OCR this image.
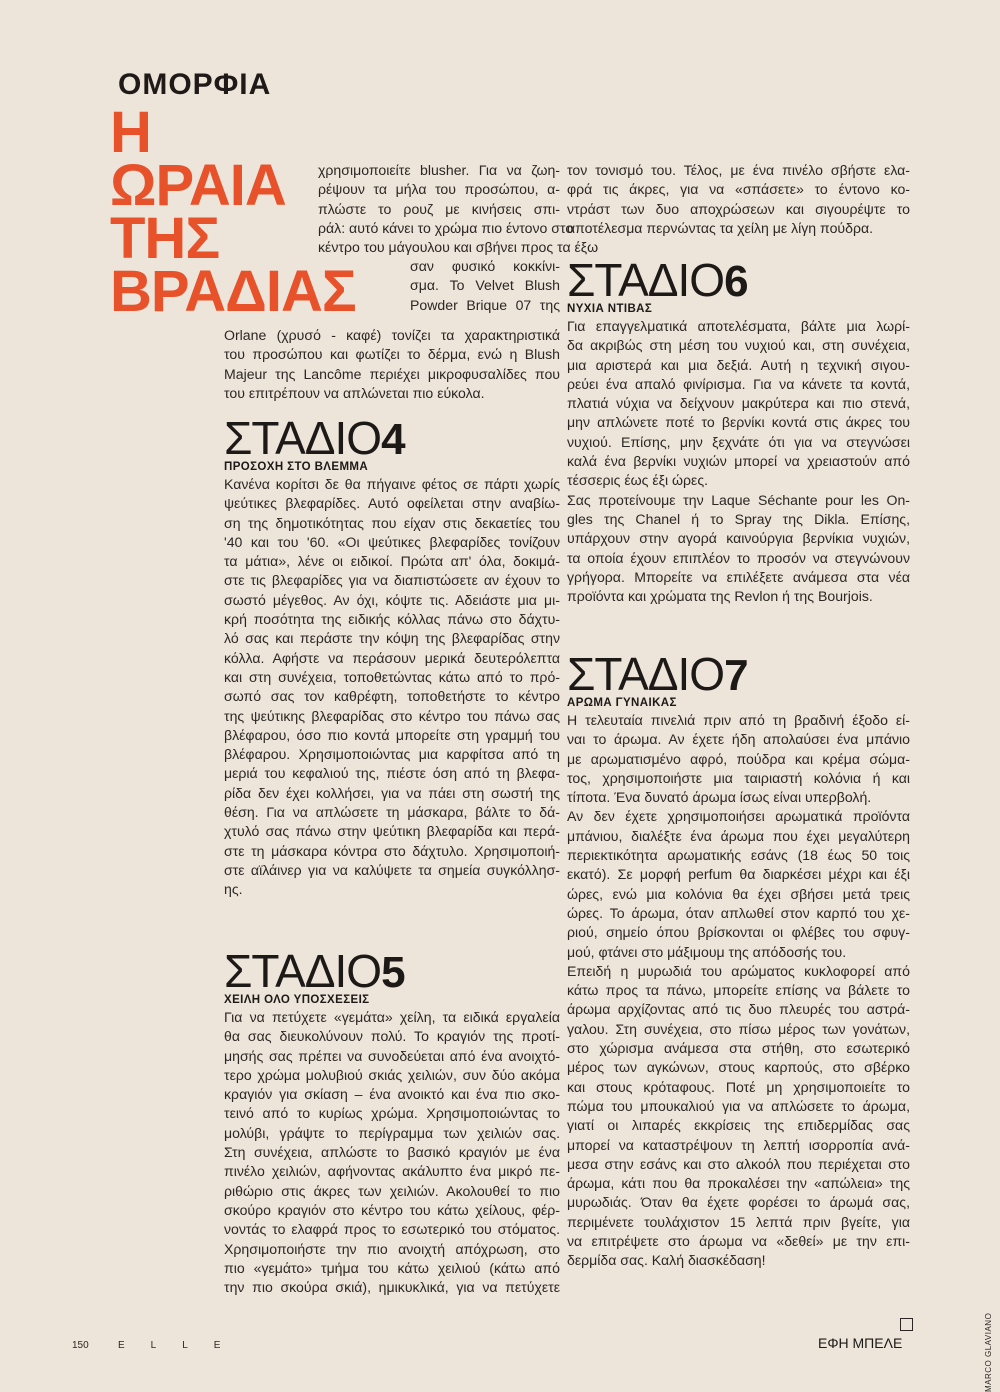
ΟΜΟΡΦΙΑ
Η
ΩΡΑΙΑ
ΤΗΣ
ΒΡΑΔΙΑΣ

χρησιμοποιείτε blusher. Για να ζωη-

ρέψουν τα μήλα του προσώπου, α-

πλώστε το ρουζ με κινήσεις σπι-

ράλ: αυτό κάνει το χρώμα πιο έντονο στο

κέντρο του μάγουλου και σβήνει προς τα έξω

σαν φυσικό κοκκίνι-

σμα. Το Velvet Blush

Powder Brique 07 της

Orlane (χρυσό - καφέ) τονίζει τα χαρακτηριστικά

του προσώπου και φωτίζει το δέρμα, ενώ η Blush

Majeur της Lancôme περιέχει μικροφυσαλίδες που

του επιτρέπουν να απλώνεται πιο εύκολα.

ΣΤΑΔΙΟ4

ΠΡΟΣΟΧΗ ΣΤΟ ΒΛΕΜΜΑ

Κανένα κορίτσι δε θα πήγαινε φέτος σε πάρτι χωρίς

ψεύτικες βλεφαρίδες. Αυτό οφείλεται στην αναβίω-

ση της δημοτικότητας που είχαν στις δεκαετίες του

'40 και του '60. «Οι ψεύτικες βλεφαρίδες τονίζουν

τα μάτια», λένε οι ειδικοί. Πρώτα απ' όλα, δοκιμά-

στε τις βλεφαρίδες για να διαπιστώσετε αν έχουν το

σωστό μέγεθος. Αν όχι, κόψτε τις. Αδειάστε μια μι-

κρή ποσότητα της ειδικής κόλλας πάνω στο δάχτυ-

λό σας και περάστε την κόψη της βλεφαρίδας στην

κόλλα. Αφήστε να περάσουν μερικά δευτερόλεπτα

και στη συνέχεια, τοποθετώντας κάτω από το πρό-

σωπό σας τον καθρέφτη, τοποθετήστε το κέντρο

της ψεύτικης βλεφαρίδας στο κέντρο του πάνω σας

βλέφαρου, όσο πιο κοντά μπορείτε στη γραμμή του

βλέφαρου. Χρησιμοποιώντας μια καρφίτσα από τη

μεριά του κεφαλιού της, πιέστε όση από τη βλεφα-

ρίδα δεν έχει κολλήσει, για να πάει στη σωστή της

θέση. Για να απλώσετε τη μάσκαρα, βάλτε το δά-

χτυλό σας πάνω στην ψεύτικη βλεφαρίδα και περά-

στε τη μάσκαρα κόντρα στο δάχτυλο. Χρησιμοποιή-

στε αϊλάινερ για να καλύψετε τα σημεία συγκόλλησ-

ης.

ΣΤΑΔΙΟ5

ΧΕΙΛΗ ΟΛΟ ΥΠΟΣΧΕΣΕΙΣ

Για να πετύχετε «γεμάτα» χείλη, τα ειδικά εργαλεία

θα σας διευκολύνουν πολύ. Το κραγιόν της προτί-

μησής σας πρέπει να συνοδεύεται από ένα ανοιχτό-

τερο χρώμα μολυβιού σκιάς χειλιών, συν δύο ακόμα

κραγιόν για σκίαση – ένα ανοικτό και ένα πιο σκο-

τεινό από το κυρίως χρώμα. Χρησιμοποιώντας το

μολύβι, γράψτε το περίγραμμα των χειλιών σας.

Στη συνέχεια, απλώστε το βασικό κραγιόν με ένα

πινέλο χειλιών, αφήνοντας ακάλυπτο ένα μικρό πε-

ριθώριο στις άκρες των χειλιών. Ακολουθεί το πιο

σκούρο κραγιόν στο κέντρο του κάτω χείλους, φέρ-

νοντάς το ελαφρά προς το εσωτερικό του στόματος.

Χρησιμοποιήστε την πιο ανοιχτή απόχρωση, στο

πιο «γεμάτο» τμήμα του κάτω χειλιού (κάτω από

την πιο σκούρα σκιά), ημικυκλικά, για να πετύχετε

τον τονισμό του. Τέλος, με ένα πινέλο σβήστε ελα-

φρά τις άκρες, για να «σπάσετε» το έντονο κο-

ντράστ των δυο αποχρώσεων και σιγουρέψτε το

αποτέλεσμα περνώντας τα χείλη με λίγη πούδρα.

ΣΤΑΔΙΟ6

ΝΥΧΙΑ ΝΤΙΒΑΣ

Για επαγγελματικά αποτελέσματα, βάλτε μια λωρί-

δα ακριβώς στη μέση του νυχιού και, στη συνέχεια,

μια αριστερά και μια δεξιά. Αυτή η τεχνική σιγου-

ρεύει ένα απαλό φινίρισμα. Για να κάνετε τα κοντά,

πλατιά νύχια να δείχνουν μακρύτερα και πιο στενά,

μην απλώνετε ποτέ το βερνίκι κοντά στις άκρες του

νυχιού. Επίσης, μην ξεχνάτε ότι για να στεγνώσει

καλά ένα βερνίκι νυχιών μπορεί να χρειαστούν από

τέσσερις έως έξι ώρες.

Σας προτείνουμε την Laque Séchante pour les On-

gles της Chanel ή το Spray της Dikla. Επίσης,

υπάρχουν στην αγορά καινούργια βερνίκια νυχιών,

τα οποία έχουν επιπλέον το προσόν να στεγνώνουν

γρήγορα. Μπορείτε να επιλέξετε ανάμεσα στα νέα

προϊόντα και χρώματα της Revlon ή της Bourjois.

ΣΤΑΔΙΟ7

ΑΡΩΜΑ ΓΥΝΑΙΚΑΣ

Η τελευταία πινελιά πριν από τη βραδινή έξοδο εί-

ναι το άρωμα. Αν έχετε ήδη απολαύσει ένα μπάνιο

με αρωματισμένο αφρό, πούδρα και κρέμα σώμα-

τος, χρησιμοποιήστε μια ταιριαστή κολόνια ή και

τίποτα. Ένα δυνατό άρωμα ίσως είναι υπερβολή.

Αν δεν έχετε χρησιμοποιήσει αρωματικά προϊόντα

μπάνιου, διαλέξτε ένα άρωμα που έχει μεγαλύτερη

περιεκτικότητα αρωματικής εσάνς (18 έως 50 τοις

εκατό). Σε μορφή perfum θα διαρκέσει μέχρι και έξι

ώρες, ενώ μια κολόνια θα έχει σβήσει μετά τρεις

ώρες. Το άρωμα, όταν απλωθεί στον καρπό του χε-

ριού, σημείο όπου βρίσκονται οι φλέβες του σφυγ-

μού, φτάνει στο μάξιμουμ της απόδοσής του.

Επειδή η μυρωδιά του αρώματος κυκλοφορεί από

κάτω προς τα πάνω, μπορείτε επίσης να βάλετε το

άρωμα αρχίζοντας από τις δυο πλευρές του αστρά-

γαλου. Στη συνέχεια, στο πίσω μέρος των γονάτων,

στο χώρισμα ανάμεσα στα στήθη, στο εσωτερικό

μέρος των αγκώνων, στους καρπούς, στο σβέρκο

και στους κρόταφους. Ποτέ μη χρησιμοποιείτε το

πώμα του μπουκαλιού για να απλώσετε το άρωμα,

γιατί οι λιπαρές εκκρίσεις της επιδερμίδας σας

μπορεί να καταστρέψουν τη λεπτή ισορροπία ανά-

μεσα στην εσάνς και στο αλκοόλ που περιέχεται στο

άρωμα, κάτι που θα προκαλέσει την «απώλεια» της

μυρωδιάς. Όταν θα έχετε φορέσει το άρωμά σας,

περιμένετε τουλάχιστον 15 λεπτά πριν βγείτε, για

να επιτρέψετε στο άρωμα να «δεθεί» με την επι-

δερμίδα σας. Καλή διασκέδαση!

MARCO GLAVIANO
ΕΦΗ ΜΠΕΛΕ
150	ELLE
